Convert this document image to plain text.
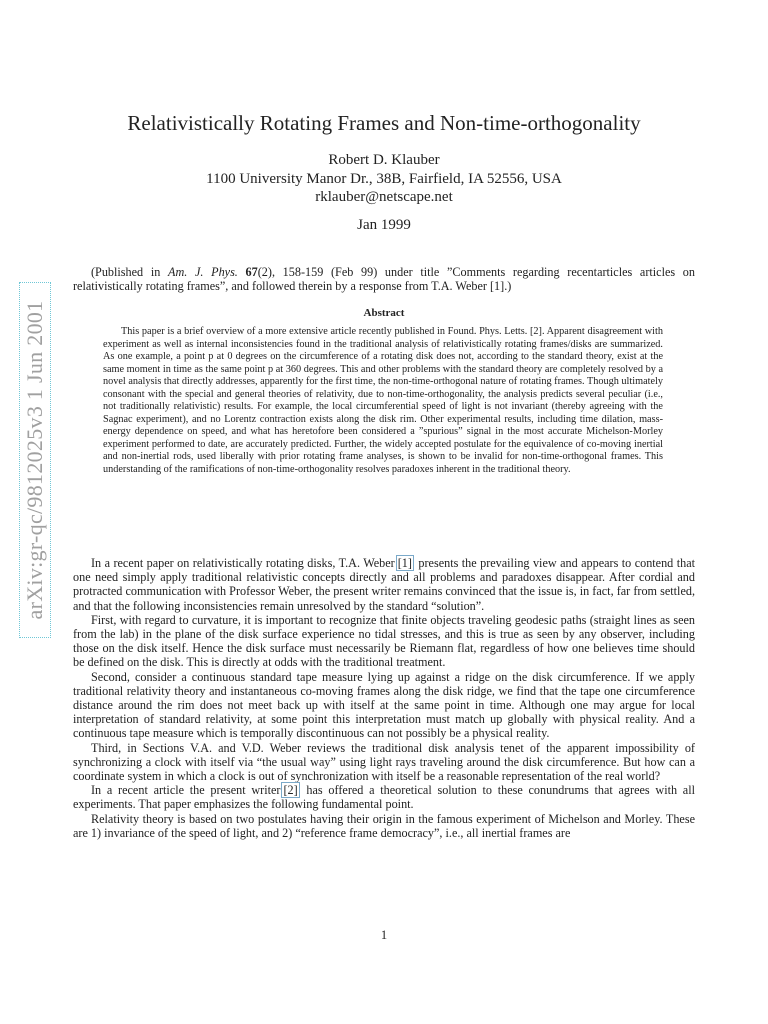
arXiv:gr-qc/9812025v3 1 Jun 2001
Relativistically Rotating Frames and Non-time-orthogonality
Robert D. Klauber
1100 University Manor Dr., 38B, Fairfield, IA 52556, USA
rklauber@netscape.net
Jan 1999

(Published in Am. J. Phys. 67(2), 158-159 (Feb 99) under title ”Comments regarding recentarticles articles on relativistically rotating frames”, and followed therein by a response from T.A. Weber [1].)

Abstract

This paper is a brief overview of a more extensive article recently published in Found. Phys. Letts. [2]. Apparent disagreement with experiment as well as internal inconsistencies found in the traditional analysis of relativistically rotating frames/disks are summarized. As one example, a point p at 0 degrees on the circumference of a rotating disk does not, according to the standard theory, exist at the same moment in time as the same point p at 360 degrees. This and other problems with the standard theory are completely resolved by a novel analysis that directly addresses, apparently for the first time, the non-time-orthogonal nature of rotating frames. Though ultimately consonant with the special and general theories of relativity, due to non-time-orthogonality, the analysis predicts several peculiar (i.e., not traditionally relativistic) results. For example, the local circumferential speed of light is not invariant (thereby agreeing with the Sagnac experiment), and no Lorentz contraction exists along the disk rim. Other experimental results, including time dilation, mass-energy dependence on speed, and what has heretofore been considered a ”spurious” signal in the most accurate Michelson-Morley experiment performed to date, are accurately predicted. Further, the widely accepted postulate for the equivalence of co-moving inertial and non-inertial rods, used liberally with prior rotating frame analyses, is shown to be invalid for non-time-orthogonal frames. This understanding of the ramifications of non-time-orthogonality resolves paradoxes inherent in the traditional theory.

In a recent paper on relativistically rotating disks, T.A. Weber [1] presents the prevailing view and appears to contend that one need simply apply traditional relativistic concepts directly and all problems and paradoxes disappear. After cordial and protracted communication with Professor Weber, the present writer remains convinced that the issue is, in fact, far from settled, and that the following inconsistencies remain unresolved by the standard “solution”.

First, with regard to curvature, it is important to recognize that finite objects traveling geodesic paths (straight lines as seen from the lab) in the plane of the disk surface experience no tidal stresses, and this is true as seen by any observer, including those on the disk itself. Hence the disk surface must necessarily be Riemann flat, regardless of how one believes time should be defined on the disk. This is directly at odds with the traditional treatment.

Second, consider a continuous standard tape measure lying up against a ridge on the disk circumference. If we apply traditional relativity theory and instantaneous co-moving frames along the disk ridge, we find that the tape one circumference distance around the rim does not meet back up with itself at the same point in time. Although one may argue for local interpretation of standard relativity, at some point this interpretation must match up globally with physical reality. And a continuous tape measure which is temporally discontinuous can not possibly be a physical reality.

Third, in Sections V.A. and V.D. Weber reviews the traditional disk analysis tenet of the apparent impossibility of synchronizing a clock with itself via “the usual way” using light rays traveling around the disk circumference. But how can a coordinate system in which a clock is out of synchronization with itself be a reasonable representation of the real world?

In a recent article the present writer [2] has offered a theoretical solution to these conundrums that agrees with all experiments. That paper emphasizes the following fundamental point.

Relativity theory is based on two postulates having their origin in the famous experiment of Michelson and Morley. These are 1) invariance of the speed of light, and 2) “reference frame democracy”, i.e., all inertial frames are

1
